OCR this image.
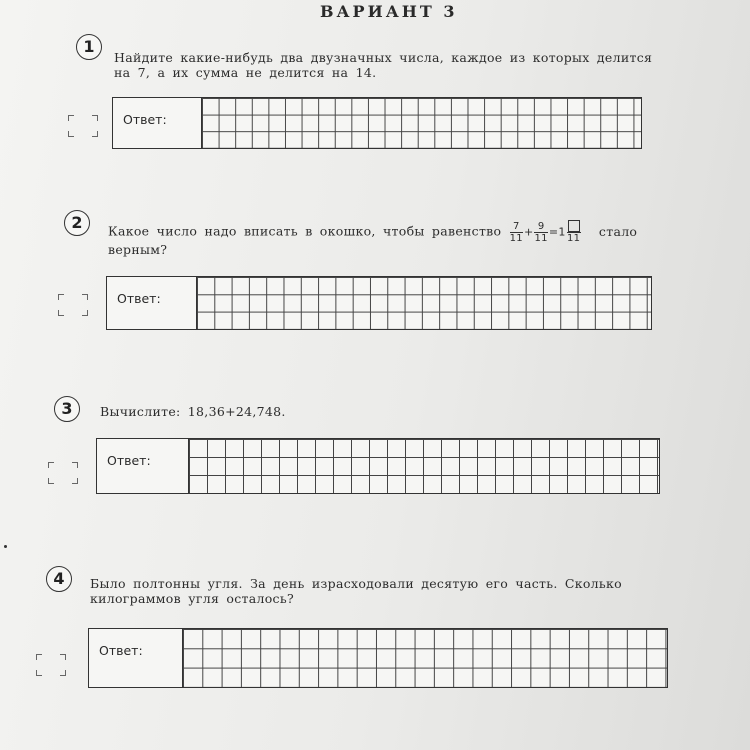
ВАРИАНТ 3
1
Найдите какие-нибудь два двузначных числа, каждое из которых делится
на 7, а их сумма не делится на 14.
Ответ:
2	Какое число надо вписать в окошко, чтобы равенство $\frac{7}{11} + \frac{9}{11} =1$ 11 стало
верным?
Ответ:
3	Вычислите: 18,36+24,748.
Ответ:
4	Было полтонны угля. За день израсходовали десятую его часть. Сколько
килограммов угля осталось?
Ответ:
